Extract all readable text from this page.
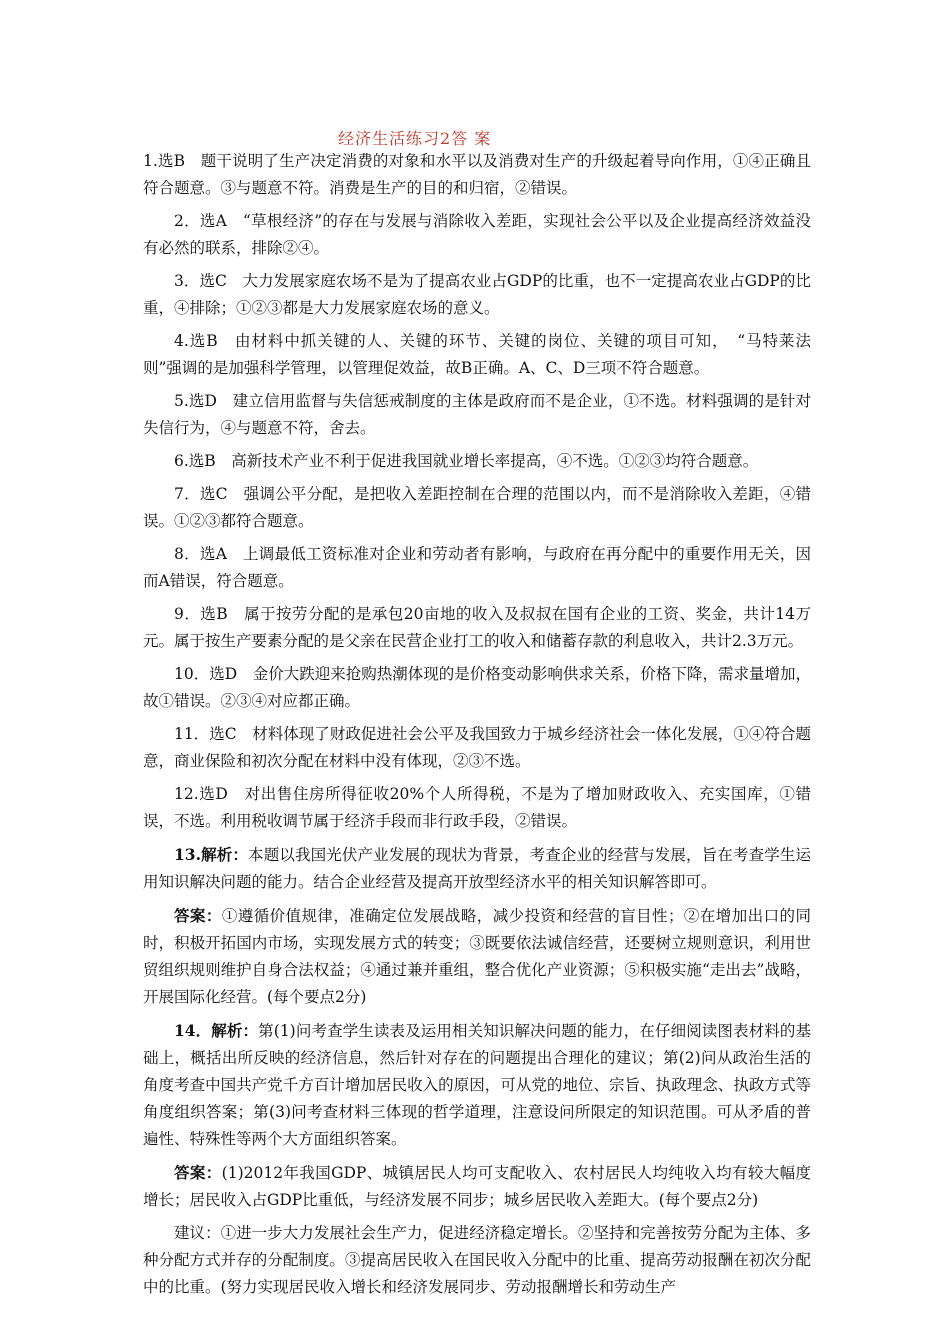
经济生活练习2答 案

1.选B　题干说明了生产决定消费的对象和水平以及消费对生产的升级起着导向作用，①④正确且符合题意。③与题意不符。消费是生产的目的和归宿，②错误。

2．选A　“草根经济”的存在与发展与消除收入差距，实现社会公平以及企业提高经济效益没有必然的联系，排除②④。

3．选C　大力发展家庭农场不是为了提高农业占GDP的比重，也不一定提高农业占GDP的比重，④排除；①②③都是大力发展家庭农场的意义。

4.选B　由材料中抓关键的人、关键的环节、关键的岗位、关键的项目可知，　“马特莱法则”强调的是加强科学管理，以管理促效益，故B正确。A、C、D三项不符合题意。

5.选D　建立信用监督与失信惩戒制度的主体是政府而不是企业，①不选。材料强调的是针对失信行为，④与题意不符，舍去。

6.选B　高新技术产业不利于促进我国就业增长率提高，④不选。①②③均符合题意。

7．选C　强调公平分配，是把收入差距控制在合理的范围以内，而不是消除收入差距，④错误。①②③都符合题意。

8．选A　上调最低工资标准对企业和劳动者有影响，与政府在再分配中的重要作用无关，因而A错误，符合题意。

9．选B　属于按劳分配的是承包20亩地的收入及叔叔在国有企业的工资、奖金，共计14万元。属于按生产要素分配的是父亲在民营企业打工的收入和储蓄存款的利息收入，共计2.3万元。

10．选D　金价大跌迎来抢购热潮体现的是价格变动影响供求关系，价格下降，需求量增加，故①错误。②③④对应都正确。

11．选C　材料体现了财政促进社会公平及我国致力于城乡经济社会一体化发展，①④符合题意，商业保险和初次分配在材料中没有体现，②③不选。

12.选D　对出售住房所得征收20%个人所得税，不是为了增加财政收入、充实国库，①错误，不选。利用税收调节属于经济手段而非行政手段，②错误。

13.解析：本题以我国光伏产业发展的现状为背景，考查企业的经营与发展，旨在考查学生运用知识解决问题的能力。结合企业经营及提高开放型经济水平的相关知识解答即可。

答案：①遵循价值规律，准确定位发展战略，减少投资和经营的盲目性；②在增加出口的同时，积极开拓国内市场，实现发展方式的转变；③既要依法诚信经营，还要树立规则意识，利用世贸组织规则维护自身合法权益；④通过兼并重组，整合优化产业资源；⑤积极实施“走出去”战略，开展国际化经营。(每个要点2分)

14．解析：第(1)问考查学生读表及运用相关知识解决问题的能力，在仔细阅读图表材料的基础上，概括出所反映的经济信息，然后针对存在的问题提出合理化的建议；第(2)问从政治生活的角度考查中国共产党千方百计增加居民收入的原因，可从党的地位、宗旨、执政理念、执政方式等角度组织答案；第(3)问考查材料三体现的哲学道理，注意设问所限定的知识范围。可从矛盾的普遍性、特殊性等两个大方面组织答案。

答案：(1)2012年我国GDP、城镇居民人均可支配收入、农村居民人均纯收入均有较大幅度增长；居民收入占GDP比重低，与经济发展不同步；城乡居民收入差距大。(每个要点2分)

建议：①进一步大力发展社会生产力，促进经济稳定增长。②坚持和完善按劳分配为主体、多种分配方式并存的分配制度。③提高居民收入在国民收入分配中的比重、提高劳动报酬在初次分配中的比重。(努力实现居民收入增长和经济发展同步、劳动报酬增长和劳动生产
